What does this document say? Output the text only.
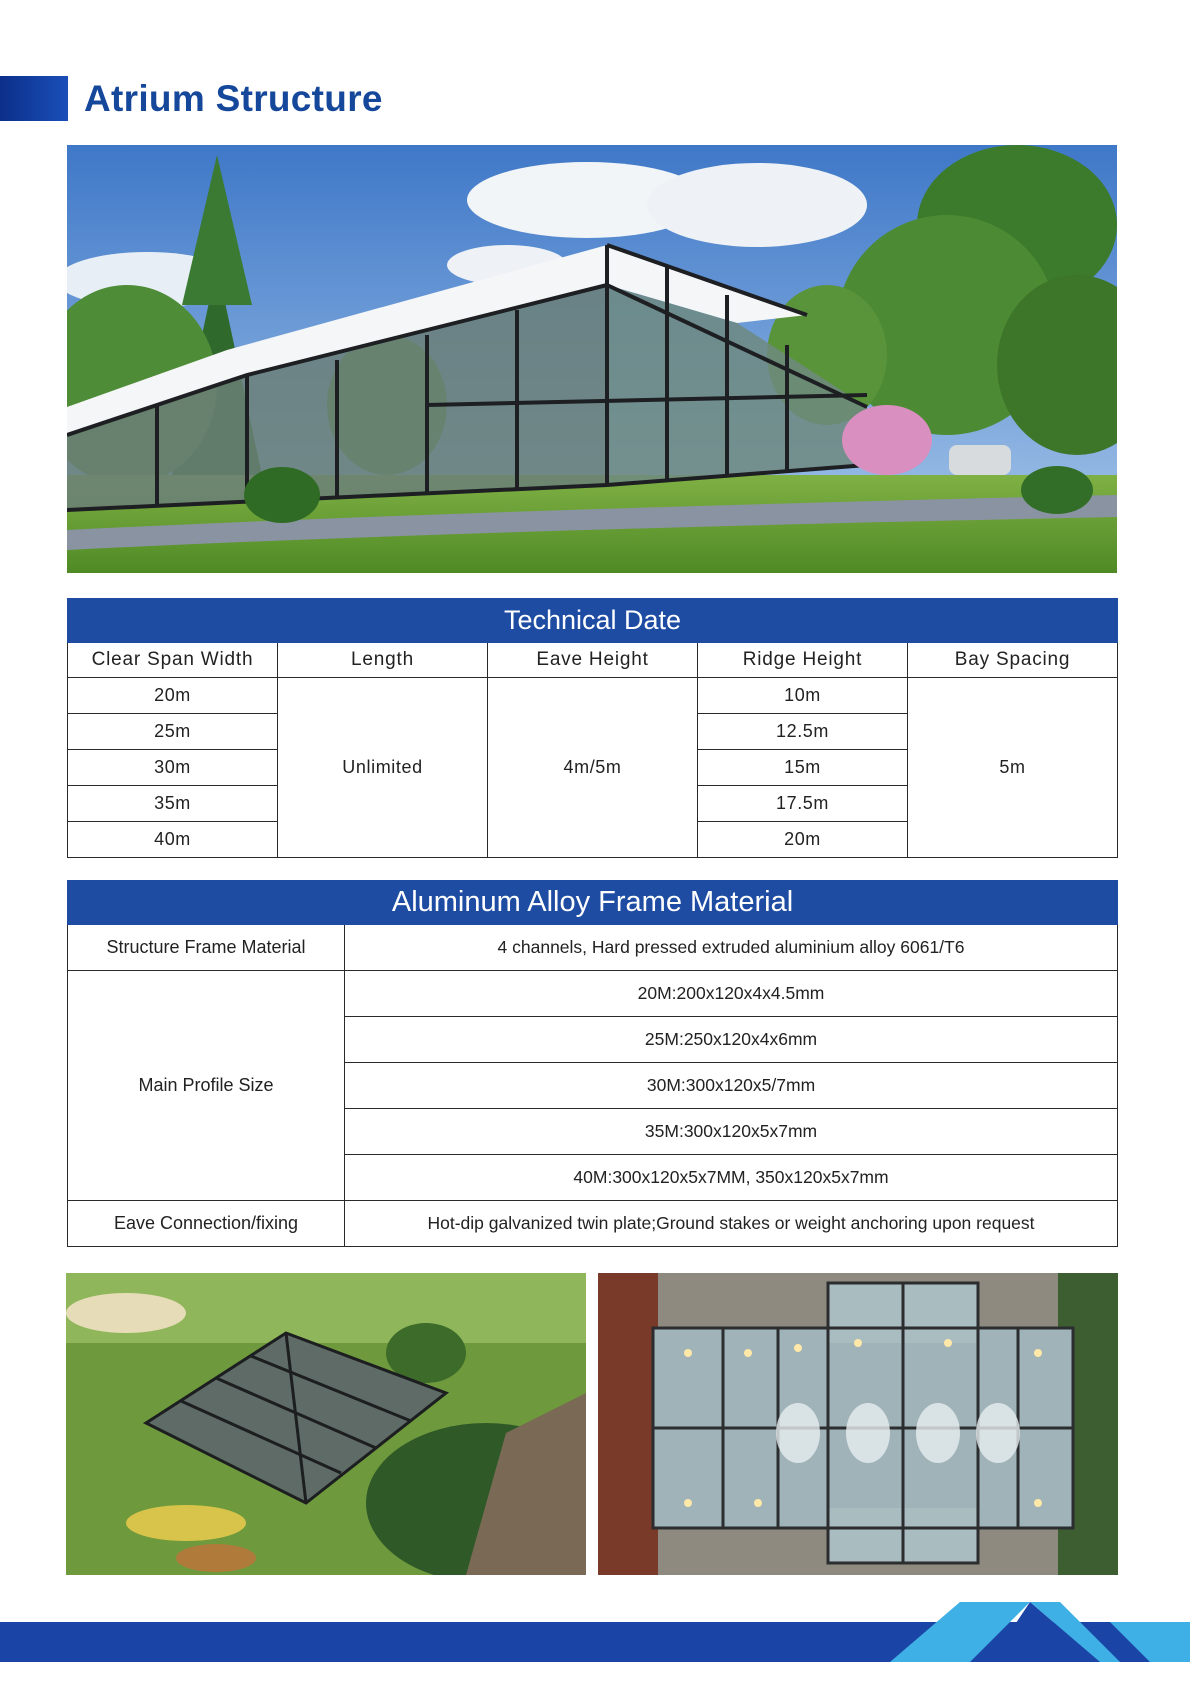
Atrium Structure
Technical Date				
Clear Span Width	Length	Eave Height	Ridge Height	Bay Spacing
20m	Unlimited	4m/5m	10m	5m
25m			12.5m	
30m			15m	
35m			17.5m	
40m			20m	
Aluminum Alloy Frame Material	
Structure Frame Material	4 channels, Hard pressed extruded aluminium alloy 6061/T6
Main Profile Size	20M:200x120x4x4.5mm
	25M:250x120x4x6mm
	30M:300x120x5/7mm
	35M:300x120x5x7mm
	40M:300x120x5x7MM, 350x120x5x7mm
Eave Connection/fixing	Hot-dip galvanized twin plate;Ground stakes or weight anchoring upon request
